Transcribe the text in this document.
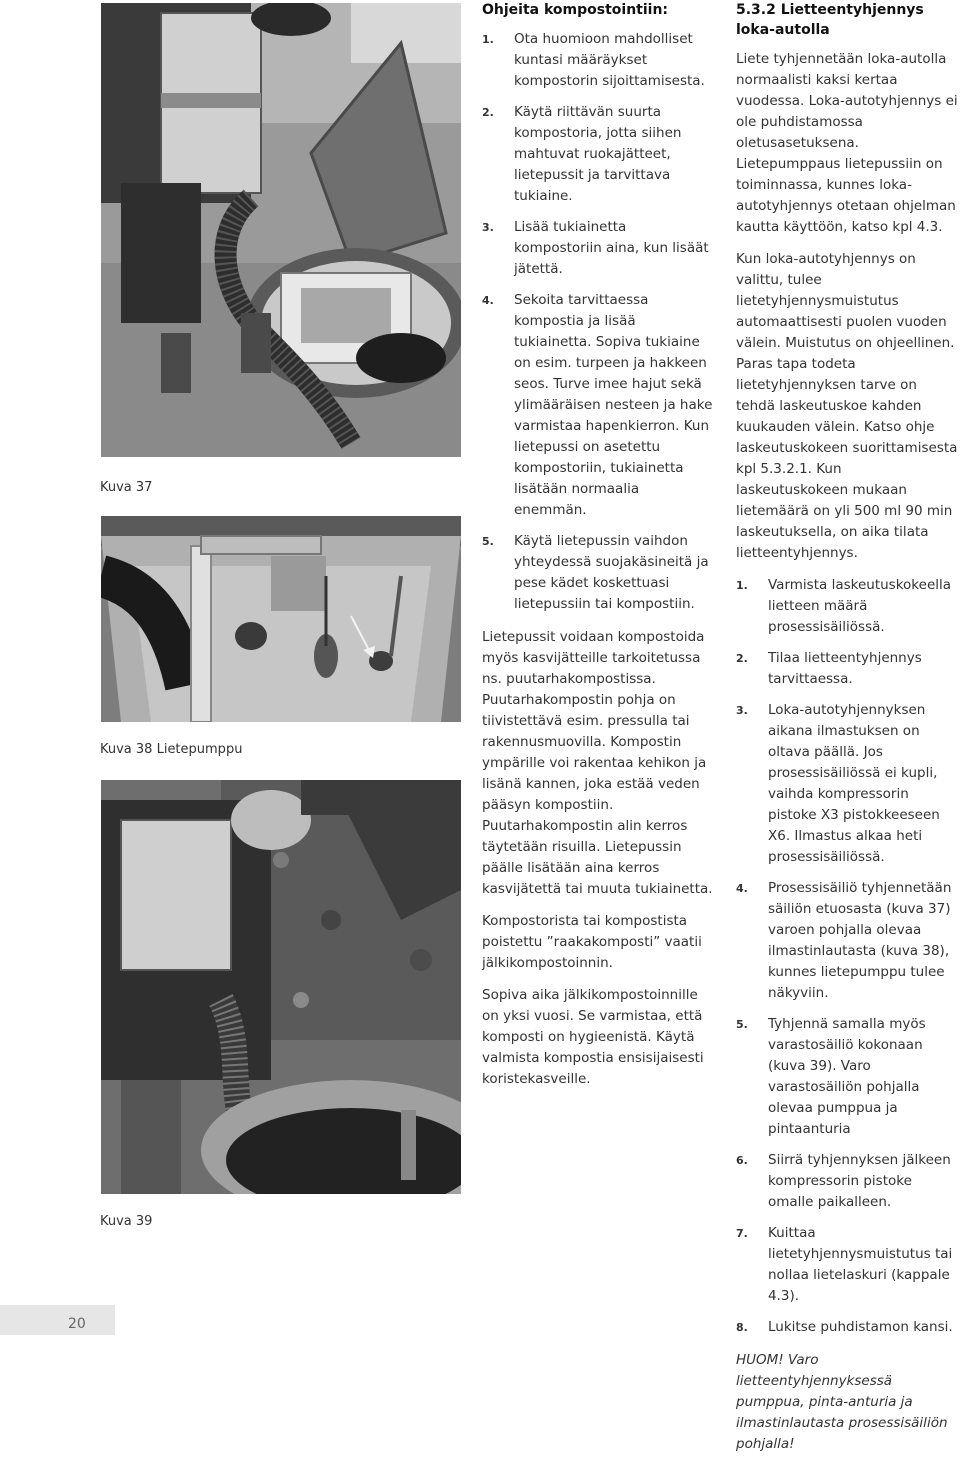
Kuva 37
Kuva 38 Lietepumppu
Kuva 39
Ohjeita kompostointiin:
1. Ota huomioon mahdolliset kuntasi määräykset kompostorin sijoittamisesta.
2. Käytä riittävän suurta kompostoria, jotta siihen mahtuvat ruokajätteet, lietepussit ja tarvittava tukiaine.
3. Lisää tukiainetta kompostoriin aina, kun lisäät jätettä.
4. Sekoita tarvittaessa kompostia ja lisää tukiainetta. Sopiva tukiaine on esim. turpeen ja hakkeen seos. Turve imee hajut sekä ylimääräisen nesteen ja hake varmistaa hapenkierron. Kun lietepussi on asetettu kompostoriin, tukiainetta lisätään normaalia enemmän.
5. Käytä lietepussin vaihdon yhteydessä suojakäsineitä ja pese kädet koskettuasi lietepussiin tai kompostiin.

Lietepussit voidaan kompostoida myös kasvijätteille tarkoitetussa ns. puutarhakompostissa. Puutarhakompostin pohja on tiivistettävä esim. pressulla tai rakennusmuovilla. Kompostin ympärille voi rakentaa kehikon ja lisänä kannen, joka estää veden pääsyn kompostiin. Puutarhakompostin alin kerros täytetään risuilla. Lietepussin päälle lisätään aina kerros kasvijätettä tai muuta tukiainetta.

Kompostorista tai kompostista poistettu ”raakakomposti” vaatii jälkikompostoinnin.

Sopiva aika jälkikompostoinnille on yksi vuosi. Se varmistaa, että komposti on hygieenistä. Käytä valmista kompostia ensisijaisesti koristekasveille.

5.3.2 Lietteentyhjennys loka-autolla

Liete tyhjennetään loka-autolla normaalisti kaksi kertaa vuodessa. Loka-autotyhjennys ei ole puhdistamossa oletusasetuksena. Lietepumppaus lietepussiin on toiminnassa, kunnes loka-autotyhjennys otetaan ohjelman kautta käyttöön, katso kpl 4.3.

Kun loka-autotyhjennys on valittu, tulee lietetyhjennysmuistutus automaattisesti puolen vuoden välein. Muistutus on ohjeellinen. Paras tapa todeta lietetyhjennyksen tarve on tehdä laskeutuskoe kahden kuukauden välein. Katso ohje laskeutuskokeen suorittamisesta kpl 5.3.2.1. Kun laskeutuskokeen mukaan lietemäärä on yli 500 ml 90 min laskeutuksella, on aika tilata lietteentyhjennys.

1. Varmista laskeutuskokeella lietteen määrä prosessisäiliössä.
2. Tilaa lietteentyhjennys tarvittaessa.
3. Loka-autotyhjennyksen aikana ilmastuksen on oltava päällä. Jos prosessisäiliössä ei kupli, vaihda kompressorin pistoke X3 pistokkeeseen X6. Ilmastus alkaa heti prosessisäiliössä.
4. Prosessisäiliö tyhjennetään säiliön etuosasta (kuva 37) varoen pohjalla olevaa ilmastinlautasta (kuva 38), kunnes lietepumppu tulee näkyviin.
5. Tyhjennä samalla myös varastosäiliö kokonaan (kuva 39). Varo varastosäiliön pohjalla olevaa pumppua ja pintaanturia
6. Siirrä tyhjennyksen jälkeen kompressorin pistoke omalle paikalleen.
7. Kuittaa lietetyhjennysmuistutus tai nollaa lietelaskuri (kappale 4.3).
8. Lukitse puhdistamon kansi.

HUOM! Varo lietteentyhjennyksessä pumppua, pinta-anturia ja ilmastinlautasta prosessisäiliön pohjalla!

20
